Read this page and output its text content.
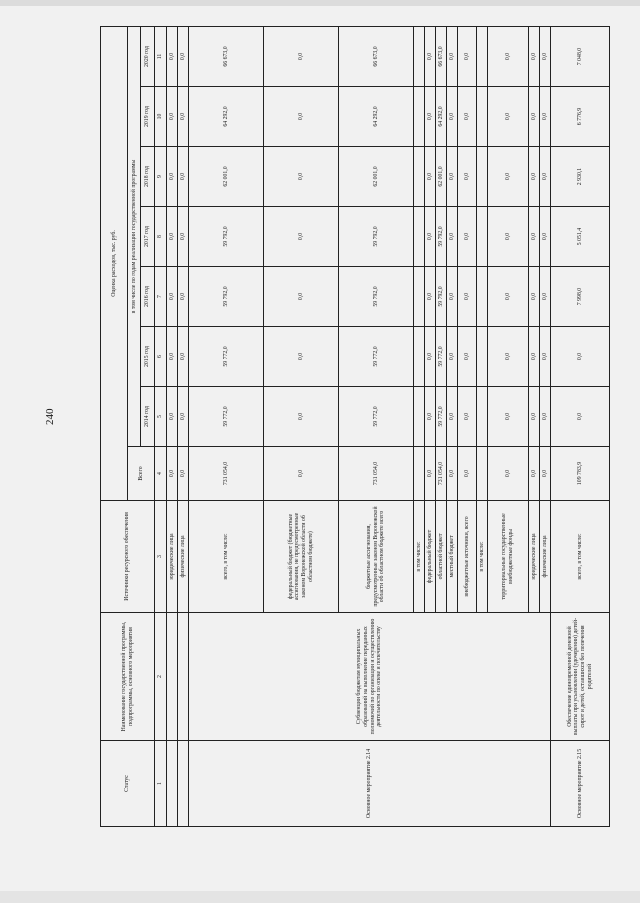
240
Статус	Наименование государственной программы, подпрограммы, основного мероприятия	Источники ресурсного обеспечения	Оценка расходов, тыс. руб.							
			Всего	в том числе по годам реализации государственной программы						
				2014 год	2015 год	2016 год	2017 год	2018 год	2019 год	2020 год
1	2	3	4	5	6	7	8	9	10	11
		юридические лица	0,0	0,0	0,0	0,0	0,0	0,0	0,0	0,0
		физические лица	0,0	0,0	0,0	0,0	0,0	0,0	0,0	0,0
Основное мероприятие 2.14	Субвенции бюджетам муниципальных образований на выполнение переданных полномочий по организации и осуществлению деятельности по опеке и попечительству	всего, в том числе:	731 054,0	59 772,0	59 772,0	59 792,0	59 792,0	62 001,0	64 292,0	66 673,0
		федеральный бюджет (бюджетные ассигнования, не предусмотренные законом Воронежской области об областном бюджете)	0,0	0,0	0,0	0,0	0,0	0,0	0,0	0,0
		бюджетные ассигнования, предусмотренные законом Воронежской области об областном бюджете всего	731 054,0	59 772,0	59 772,0	59 792,0	59 792,0	62 001,0	64 292,0	66 673,0
		в том числе:								
		федеральный бюджет	0,0	0,0	0,0	0,0	0,0	0,0	0,0	0,0
		областной бюджет	731 054,0	59 772,0	59 772,0	59 792,0	59 792,0	62 001,0	64 292,0	66 673,0
		местный бюджет	0,0	0,0	0,0	0,0	0,0	0,0	0,0	0,0
		внебюджетные источники, всего	0,0	0,0	0,0	0,0	0,0	0,0	0,0	0,0
		в том числе:								
		территориальные государственные внебюджетные фонды	0,0	0,0	0,0	0,0	0,0	0,0	0,0	0,0
		юридические лица	0,0	0,0	0,0	0,0	0,0	0,0	0,0	0,0
		физические лица	0,0	0,0	0,0	0,0	0,0	0,0	0,0	0,0
Основное мероприятие 2.15	Обеспечение единовременной денежной выплаты при усыновлении (удочерении) детей-сирот и детей, оставшихся без попечения родителей	всего, в том числе:	109 783,9	0,0	0,0	7 998,0	5 051,4	2 930,1	6 776,9	7 048,0
